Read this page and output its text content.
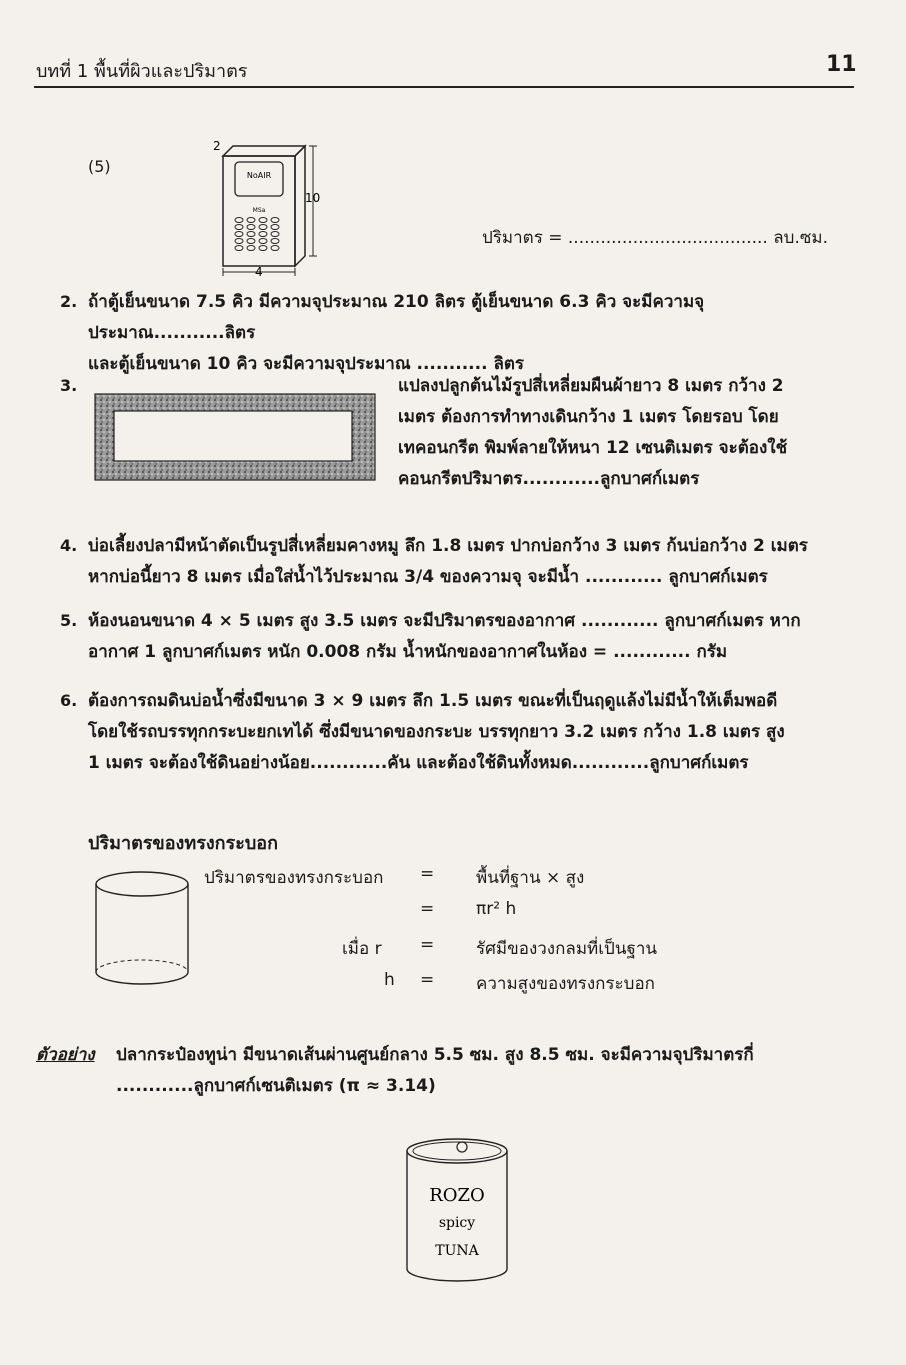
บทที่ 1 พื้นที่ผิวและปริมาตร	11
(5)	NoAIR
MSa
2
10
4
ปริมาตร = ..................................... ลบ.ซม.
2. ถ้าตู้เย็นขนาด 7.5 คิว มีความจุประมาณ 210 ลิตร ตู้เย็นขนาด 6.3 คิว จะมีความจุประมาณ...........ลิตร
และตู้เย็นขนาด 10 คิว จะมีความจุประมาณ ........... ลิตร
3.	แปลงปลูกต้นไม้รูปสี่เหลี่ยมผืนผ้ายาว 8 เมตร กว้าง 2
เมตร ต้องการทำทางเดินกว้าง 1 เมตร โดยรอบ โดย
เทคอนกรีต พิมพ์ลายให้หนา 12 เซนติเมตร จะต้องใช้
คอนกรีตปริมาตร............ลูกบาศก์เมตร
4. บ่อเลี้ยงปลามีหน้าตัดเป็นรูปสี่เหลี่ยมคางหมู ลึก 1.8 เมตร ปากบ่อกว้าง 3 เมตร ก้นบ่อกว้าง 2 เมตร
หากบ่อนี้ยาว 8 เมตร เมื่อใส่น้ำไว้ประมาณ 3/4 ของความจุ จะมีน้ำ ............ ลูกบาศก์เมตร
5. ห้องนอนขนาด 4 × 5 เมตร สูง 3.5 เมตร จะมีปริมาตรของอากาศ ............ ลูกบาศก์เมตร หาก
อากาศ 1 ลูกบาศก์เมตร หนัก 0.008 กรัม น้ำหนักของอากาศในห้อง = ............ กรัม
6. ต้องการถมดินบ่อน้ำซึ่งมีขนาด 3 × 9 เมตร ลึก 1.5 เมตร ขณะที่เป็นฤดูแล้งไม่มีน้ำให้เต็มพอดี
โดยใช้รถบรรทุกกระบะยกเทได้ ซึ่งมีขนาดของกระบะ บรรทุกยาว 3.2 เมตร กว้าง 1.8 เมตร สูง
1 เมตร จะต้องใช้ดินอย่างน้อย............คัน และต้องใช้ดินทั้งหมด............ลูกบาศก์เมตร
ปริมาตรของทรงกระบอก
ปริมาตรของทรงกระบอก = พื้นที่ฐาน × สูง
= πr² h
เมื่อ r = รัศมีของวงกลมที่เป็นฐาน
h = ความสูงของทรงกระบอก
ตัวอย่าง ปลากระป๋องทูน่า มีขนาดเส้นผ่านศูนย์กลาง 5.5 ซม. สูง 8.5 ซม. จะมีความจุปริมาตรกี่
............ลูกบาศก์เซนติเมตร (π ≈ 3.14)
ROZO
spicy
TUNA
